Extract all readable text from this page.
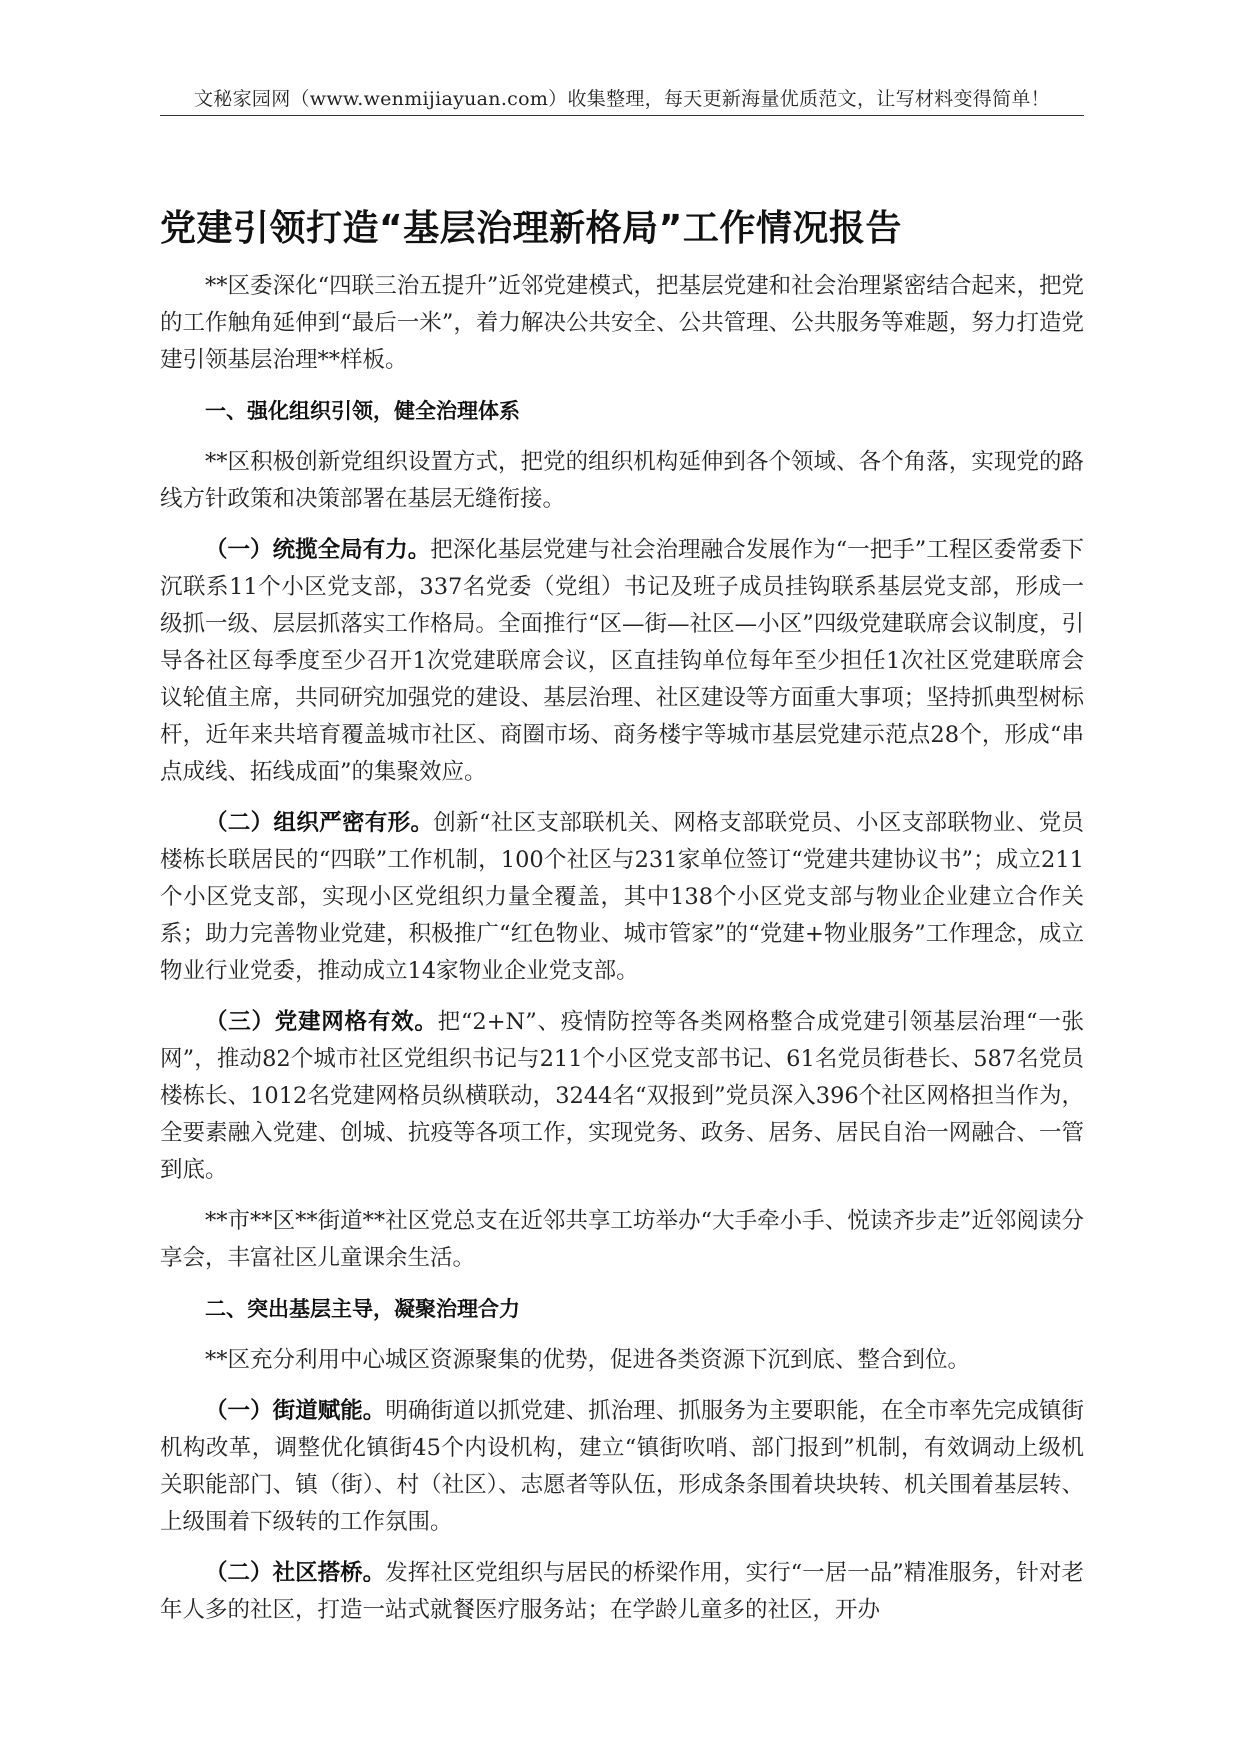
文秘家园网（www.wenmijiayuan.com）收集整理，每天更新海量优质范文，让写材料变得简单！
党建引领打造“基层治理新格局”工作情况报告

**区委深化“四联三治五提升”近邻党建模式，把基层党建和社会治理紧密结合起来，把党的工作触角延伸到“最后一米”，着力解决公共安全、公共管理、公共服务等难题，努力打造党建引领基层治理**样板。

一、强化组织引领，健全治理体系

**区积极创新党组织设置方式，把党的组织机构延伸到各个领域、各个角落，实现党的路线方针政策和决策部署在基层无缝衔接。

（一）统揽全局有力。把深化基层党建与社会治理融合发展作为“一把手”工程区委常委下沉联系11个小区党支部，337名党委（党组）书记及班子成员挂钩联系基层党支部，形成一级抓一级、层层抓落实工作格局。全面推行“区—街—社区—小区”四级党建联席会议制度，引导各社区每季度至少召开1次党建联席会议，区直挂钩单位每年至少担任1次社区党建联席会议轮值主席，共同研究加强党的建设、基层治理、社区建设等方面重大事项；坚持抓典型树标杆，近年来共培育覆盖城市社区、商圈市场、商务楼宇等城市基层党建示范点28个，形成“串点成线、拓线成面”的集聚效应。

（二）组织严密有形。创新“社区支部联机关、网格支部联党员、小区支部联物业、党员楼栋长联居民的“四联”工作机制，100个社区与231家单位签订“党建共建协议书”；成立211个小区党支部，实现小区党组织力量全覆盖，其中138个小区党支部与物业企业建立合作关系；助力完善物业党建，积极推广“红色物业、城市管家”的“党建+物业服务”工作理念，成立物业行业党委，推动成立14家物业企业党支部。

（三）党建网格有效。把“2+N”、疫情防控等各类网格整合成党建引领基层治理“一张网”，推动82个城市社区党组织书记与211个小区党支部书记、61名党员街巷长、587名党员楼栋长、1012名党建网格员纵横联动，3244名“双报到”党员深入396个社区网格担当作为，全要素融入党建、创城、抗疫等各项工作，实现党务、政务、居务、居民自治一网融合、一管到底。

**市**区**街道**社区党总支在近邻共享工坊举办“大手牵小手、悦读齐步走”近邻阅读分享会，丰富社区儿童课余生活。

二、突出基层主导，凝聚治理合力

**区充分利用中心城区资源聚集的优势，促进各类资源下沉到底、整合到位。

（一）街道赋能。明确街道以抓党建、抓治理、抓服务为主要职能，在全市率先完成镇街机构改革，调整优化镇街45个内设机构，建立“镇街吹哨、部门报到”机制，有效调动上级机关职能部门、镇（街）、村（社区）、志愿者等队伍，形成条条围着块块转、机关围着基层转、上级围着下级转的工作氛围。

（二）社区搭桥。发挥社区党组织与居民的桥梁作用，实行“一居一品”精准服务，针对老年人多的社区，打造一站式就餐医疗服务站；在学龄儿童多的社区，开办
